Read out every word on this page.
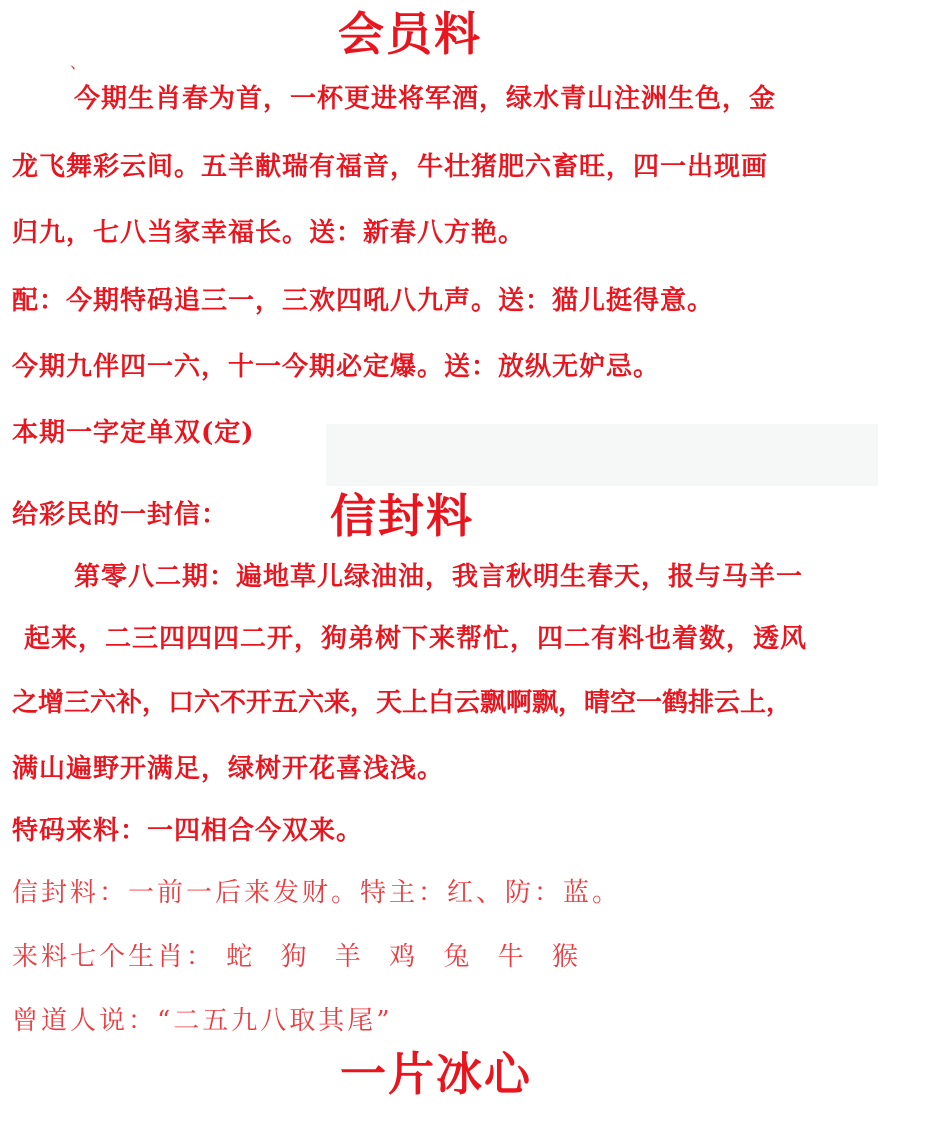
、
会员料
今期生肖春为首，一杯更进将军酒，绿水青山注洲生色，金
龙飞舞彩云间。五羊献瑞有福音，牛壮猪肥六畜旺，四一出现画
归九，七八当家幸福长。送：新春八方艳。
配：今期特码追三一，三欢四吼八九声。送：猫儿挺得意。
今期九伴四一六，十一今期必定爆。送：放纵无妒忌。
本期一字定单双(定)
给彩民的一封信： 信封料
第零八二期：遍地草儿绿油油，我言秋明生春天，报与马羊一
起来，二三四四四二开，狗弟树下来帮忙，四二有料也着数，透风
之增三六补，口六不开五六来，天上白云飘啊飘，晴空一鹤排云上，
满山遍野开满足，绿树开花喜浅浅。
特码来料：一四相合今双来。
信封料：一前一后来发财。特主：红、防：蓝。
来料七个生肖： 蛇 狗 羊 鸡 兔 牛 猴
曾道人说：“二五九八取其尾”
一片冰心
